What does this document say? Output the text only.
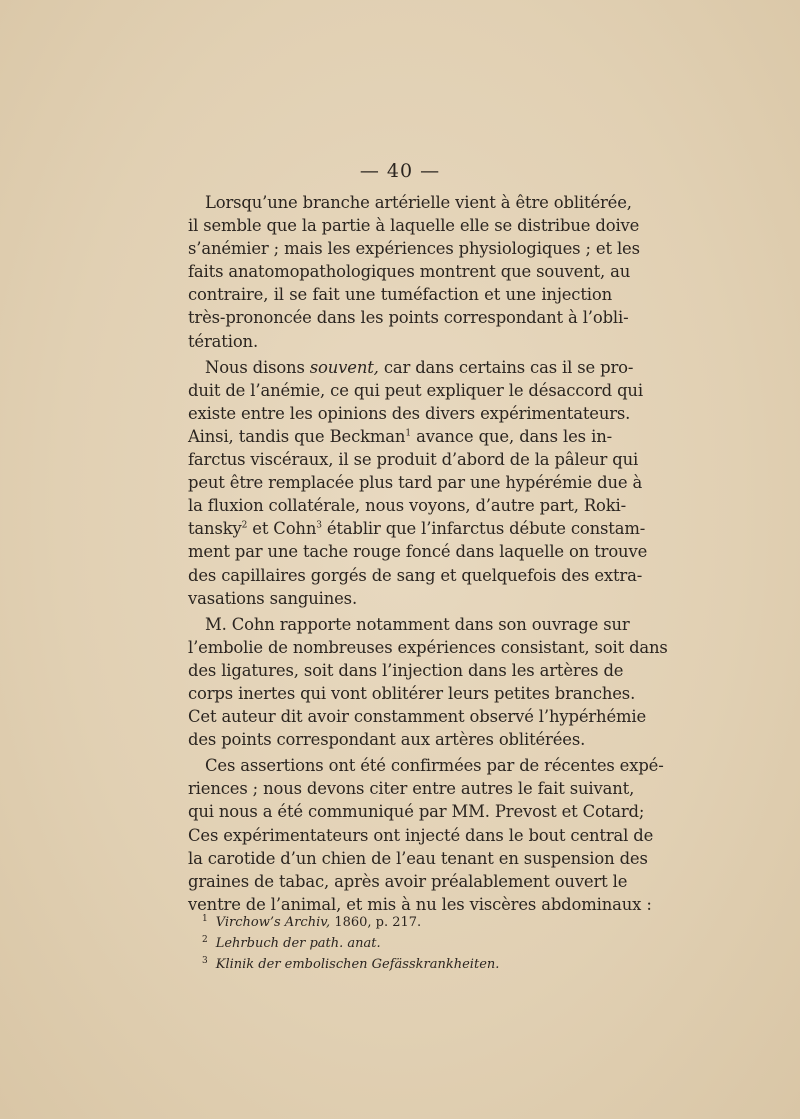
— 40 —
Lorsqu’une branche artérielle vient à être oblitérée,
il semble que la partie à laquelle elle se distribue doive
s’anémier ; mais les expériences physiologiques ; et les
faits anatomopathologiques montrent que souvent, au
contraire, il se fait une tuméfaction et une injection
très-prononcée dans les points correspondant à l’obli-
tération.
Nous disons souvent, car dans certains cas il se pro-
duit de l’anémie, ce qui peut expliquer le désaccord qui
existe entre les opinions des divers expérimentateurs.
Ainsi, tandis que Beckman$^1$ avance que, dans les in-
farctus viscéraux, il se produit d’abord de la pâleur qui
peut être remplacée plus tard par une hypérémie due à
la fluxion collatérale, nous voyons, d’autre part, Roki-
tansky$^2$ et Cohn$^3$ établir que l’infarctus débute constam-
ment par une tache rouge foncé dans laquelle on trouve
des capillaires gorgés de sang et quelquefois des extra-
vasations sanguines.
M. Cohn rapporte notamment dans son ouvrage sur
l’embolie de nombreuses expériences consistant, soit dans
des ligatures, soit dans l’injection dans les artères de
corps inertes qui vont oblitérer leurs petites branches.
Cet auteur dit avoir constamment observé l’hypérhémie
des points correspondant aux artères oblitérées.
Ces assertions ont été confirmées par de récentes expé-
riences ; nous devons citer entre autres le fait suivant,
qui nous a été communiqué par MM. Prevost et Cotard;
Ces expérimentateurs ont injecté dans le bout central de
la carotide d’un chien de l’eau tenant en suspension des
graines de tabac, après avoir préalablement ouvert le
ventre de l’animal, et mis à nu les viscères abdominaux :
$^1$ Virchow’s Archiv, 1860, p. 217.
$^2$ Lehrbuch der path. anat.
$^3$ Klinik der embolischen Gefässkrankheiten.
